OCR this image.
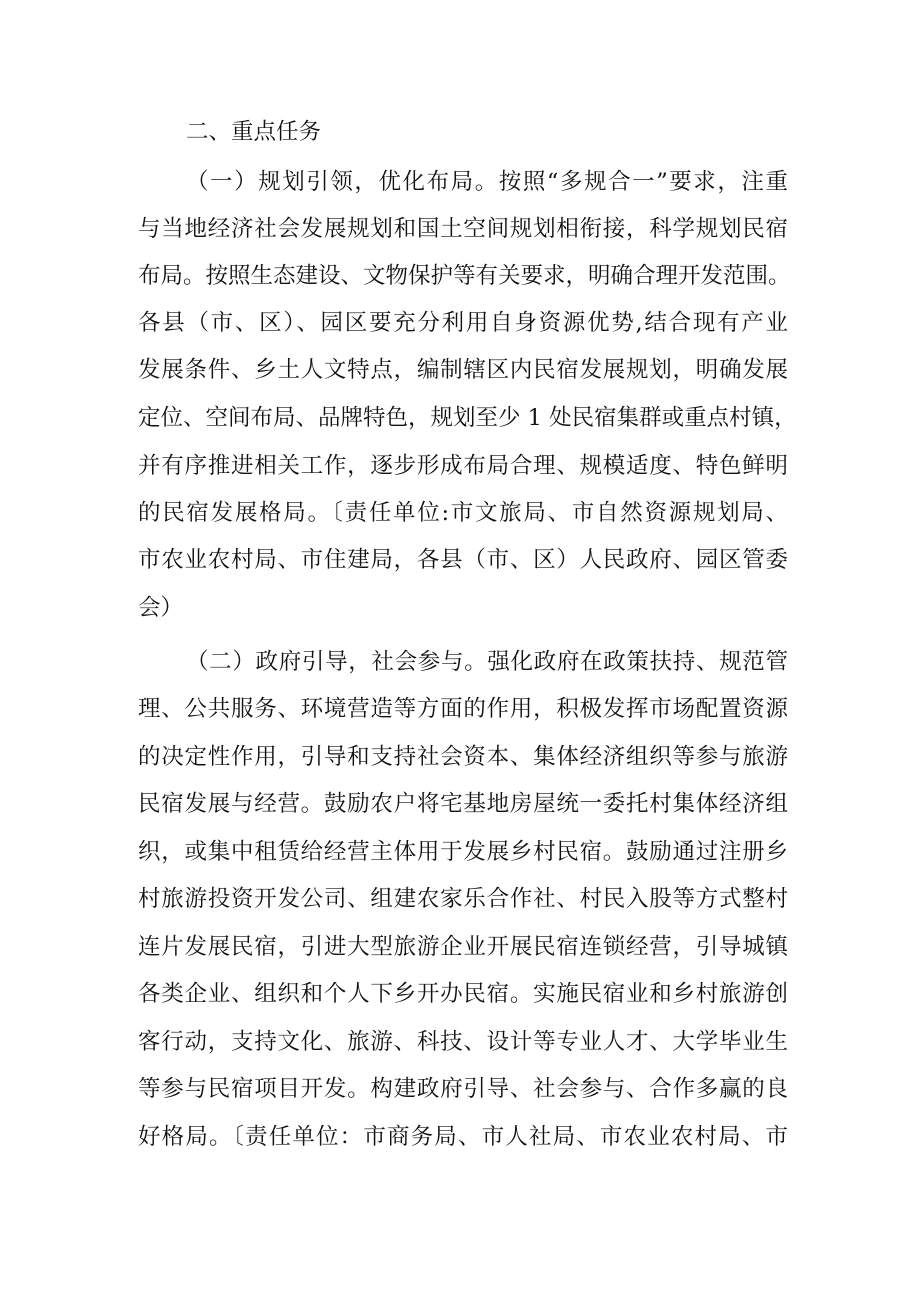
二、重点任务
（一）规划引领，优化布局。按照“多规合一”要求，注重
与当地经济社会发展规划和国土空间规划相衔接，科学规划民宿
布局。按照生态建设、文物保护等有关要求，明确合理开发范围。
各县（市、区）、园区要充分利用自身资源优势,结合现有产业
发展条件、乡土人文特点，编制辖区内民宿发展规划，明确发展
定位、空间布局、品牌特色，规划至少 1 处民宿集群或重点村镇，
并有序推进相关工作，逐步形成布局合理、规模适度、特色鲜明
的民宿发展格局。〔责任单位:市文旅局、市自然资源规划局、
市农业农村局、市住建局，各县（市、区）人民政府、园区管委
会）
（二）政府引导，社会参与。强化政府在政策扶持、规范管
理、公共服务、环境营造等方面的作用，积极发挥市场配置资源
的决定性作用，引导和支持社会资本、集体经济组织等参与旅游
民宿发展与经营。鼓励农户将宅基地房屋统一委托村集体经济组
织，或集中租赁给经营主体用于发展乡村民宿。鼓励通过注册乡
村旅游投资开发公司、组建农家乐合作社、村民入股等方式整村
连片发展民宿，引进大型旅游企业开展民宿连锁经营，引导城镇
各类企业、组织和个人下乡开办民宿。实施民宿业和乡村旅游创
客行动，支持文化、旅游、科技、设计等专业人才、大学毕业生
等参与民宿项目开发。构建政府引导、社会参与、合作多赢的良
好格局。〔责任单位：市商务局、市人社局、市农业农村局、市
